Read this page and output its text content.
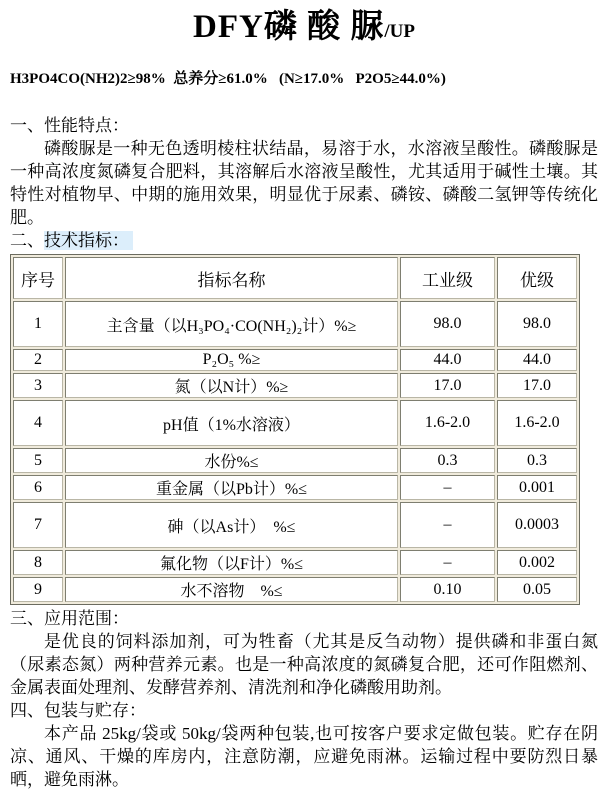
DFY磷 酸 脲/UP
H3PO4CO(NH2)2≥98%  总养分≥61.0%   (N≥17.0%   P2O5≥44.0%)
一、性能特点：

磷酸脲是一种无色透明棱柱状结晶，易溶于水，水溶液呈酸性。磷酸脲是一种高浓度氮磷复合肥料，其溶解后水溶液呈酸性，尤其适用于碱性土壤。其特性对植物早、中期的施用效果，明显优于尿素、磷铵、磷酸二氢钾等传统化肥。

二、技术指标：
序号	指标名称	工业级	优级
1	主含量（以H₃PO₄·CO(NH₂)₂计）%≥	98.0	98.0
2	P₂O₅ %≥	44.0	44.0
3	氮（以N计）%≥	17.0	17.0
4	pH值（1%水溶液）	1.6-2.0	1.6-2.0
5	水份%≤	0.3	0.3
6	重金属（以Pb计）%≤	–	0.001
7	砷（以As计）　%≤	–	0.0003
8	氟化物（以F计）%≤	–	0.002
9	水不溶物　%≤	0.10	0.05
三、应用范围：

是优良的饲料添加剂，可为牲畜（尤其是反刍动物）提供磷和非蛋白氮（尿素态氮）两种营养元素。也是一种高浓度的氮磷复合肥，还可作阻燃剂、金属表面处理剂、发酵营养剂、清洗剂和净化磷酸用助剂。

四、包装与贮存：

本产品 25kg/袋或 50kg/袋两种包装,也可按客户要求定做包装。贮存在阴凉、通风、干燥的库房内，注意防潮，应避免雨淋。运输过程中要防烈日暴晒，避免雨淋。
